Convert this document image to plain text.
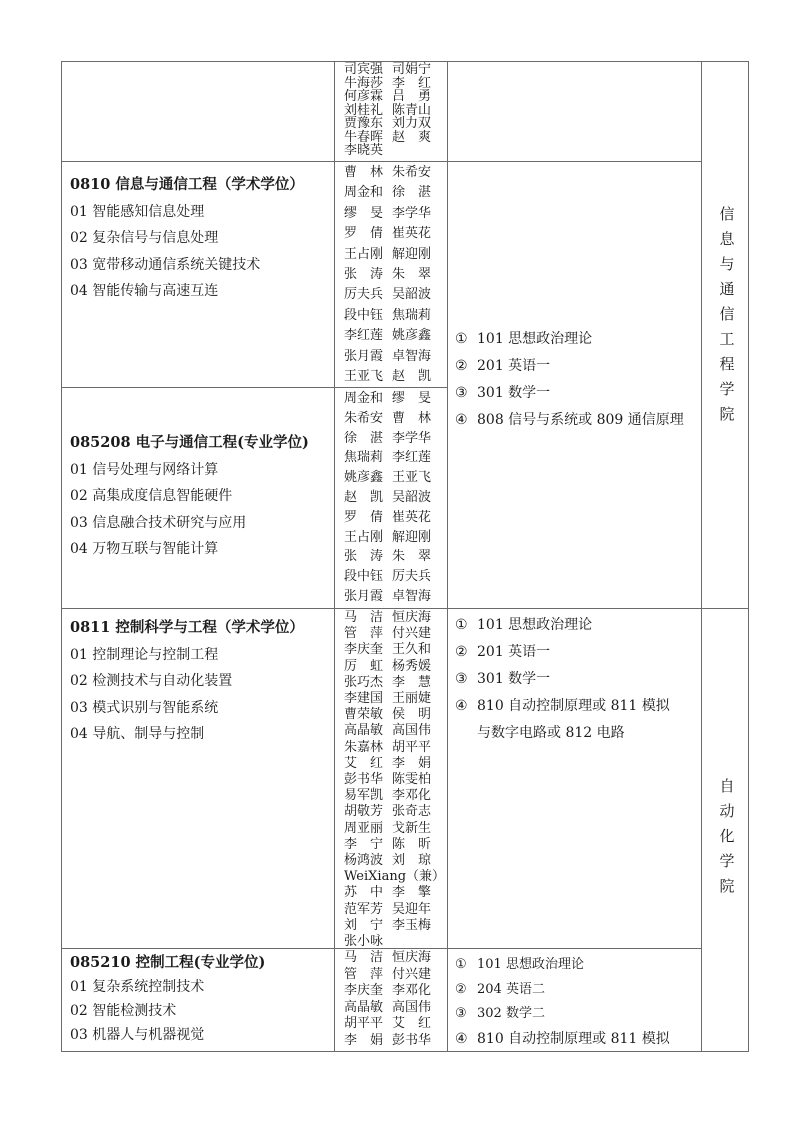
司宾强 司娟宁
牛海莎 李　红
何彦霖 吕　勇
刘桂礼 陈青山
贾豫东 刘力双
牛春晖 赵　爽
李晓英
0810 信息与通信工程（学术学位）
01 智能感知信息处理
02 复杂信号与信息处理
03 宽带移动通信系统关键技术
04 智能传输与高速互连
曹　林 朱希安
周金和 徐　湛
缪　旻 李学华
罗　倩 崔英花
王占刚 解迎刚
张　涛 朱　翠
厉夫兵 吴韶波
段中钰 焦瑞莉
李红莲 姚彦鑫
张月霞 卓智海
王亚飞 赵　凯
① 101 思想政治理论
② 201 英语一
③ 301 数学一
④ 808 信号与系统或 809 通信原理
信息与通信工程学院
085208 电子与通信工程(专业学位)
01 信号处理与网络计算
02 高集成度信息智能硬件
03 信息融合技术研究与应用
04 万物互联与智能计算
周金和 缪　旻
朱希安 曹　林
徐　湛 李学华
焦瑞莉 李红莲
姚彦鑫 王亚飞
赵　凯 吴韶波
罗　倩 崔英花
王占刚 解迎刚
张　涛 朱　翠
段中钰 厉夫兵
张月霞 卓智海
0811 控制科学与工程（学术学位）
01 控制理论与控制工程
02 检测技术与自动化装置
03 模式识别与智能系统
04 导航、制导与控制
马　洁 恒庆海
管　萍 付兴建
李庆奎 王久和
厉　虹 杨秀媛
张巧杰 李　慧
李建国 王丽婕
曹荣敏 侯　明
高晶敏 高国伟
朱嘉林 胡平平
艾　红 李　娟
彭书华 陈雯柏
易军凯 李邓化
胡敬芳 张奇志
周亚丽 戈新生
李　宁 陈　昕
杨鸿波 刘　琼
WeiXiang（兼）
苏　中 李　擎
范军芳 吴迎年
刘　宁 李玉梅
张小咏
① 101 思想政治理论
② 201 英语一
③ 301 数学一
④ 810 自动控制原理或 811 模拟
与数字电路或 812 电路
自动化学院
085210 控制工程(专业学位)
01 复杂系统控制技术
02 智能检测技术
03 机器人与机器视觉
马　洁 恒庆海
管　萍 付兴建
李庆奎 李邓化
高晶敏 高国伟
胡平平 艾　红
李　娟 彭书华
① 101 思想政治理论
② 204 英语二
③ 302 数学二
④ 810 自动控制原理或 811 模拟
